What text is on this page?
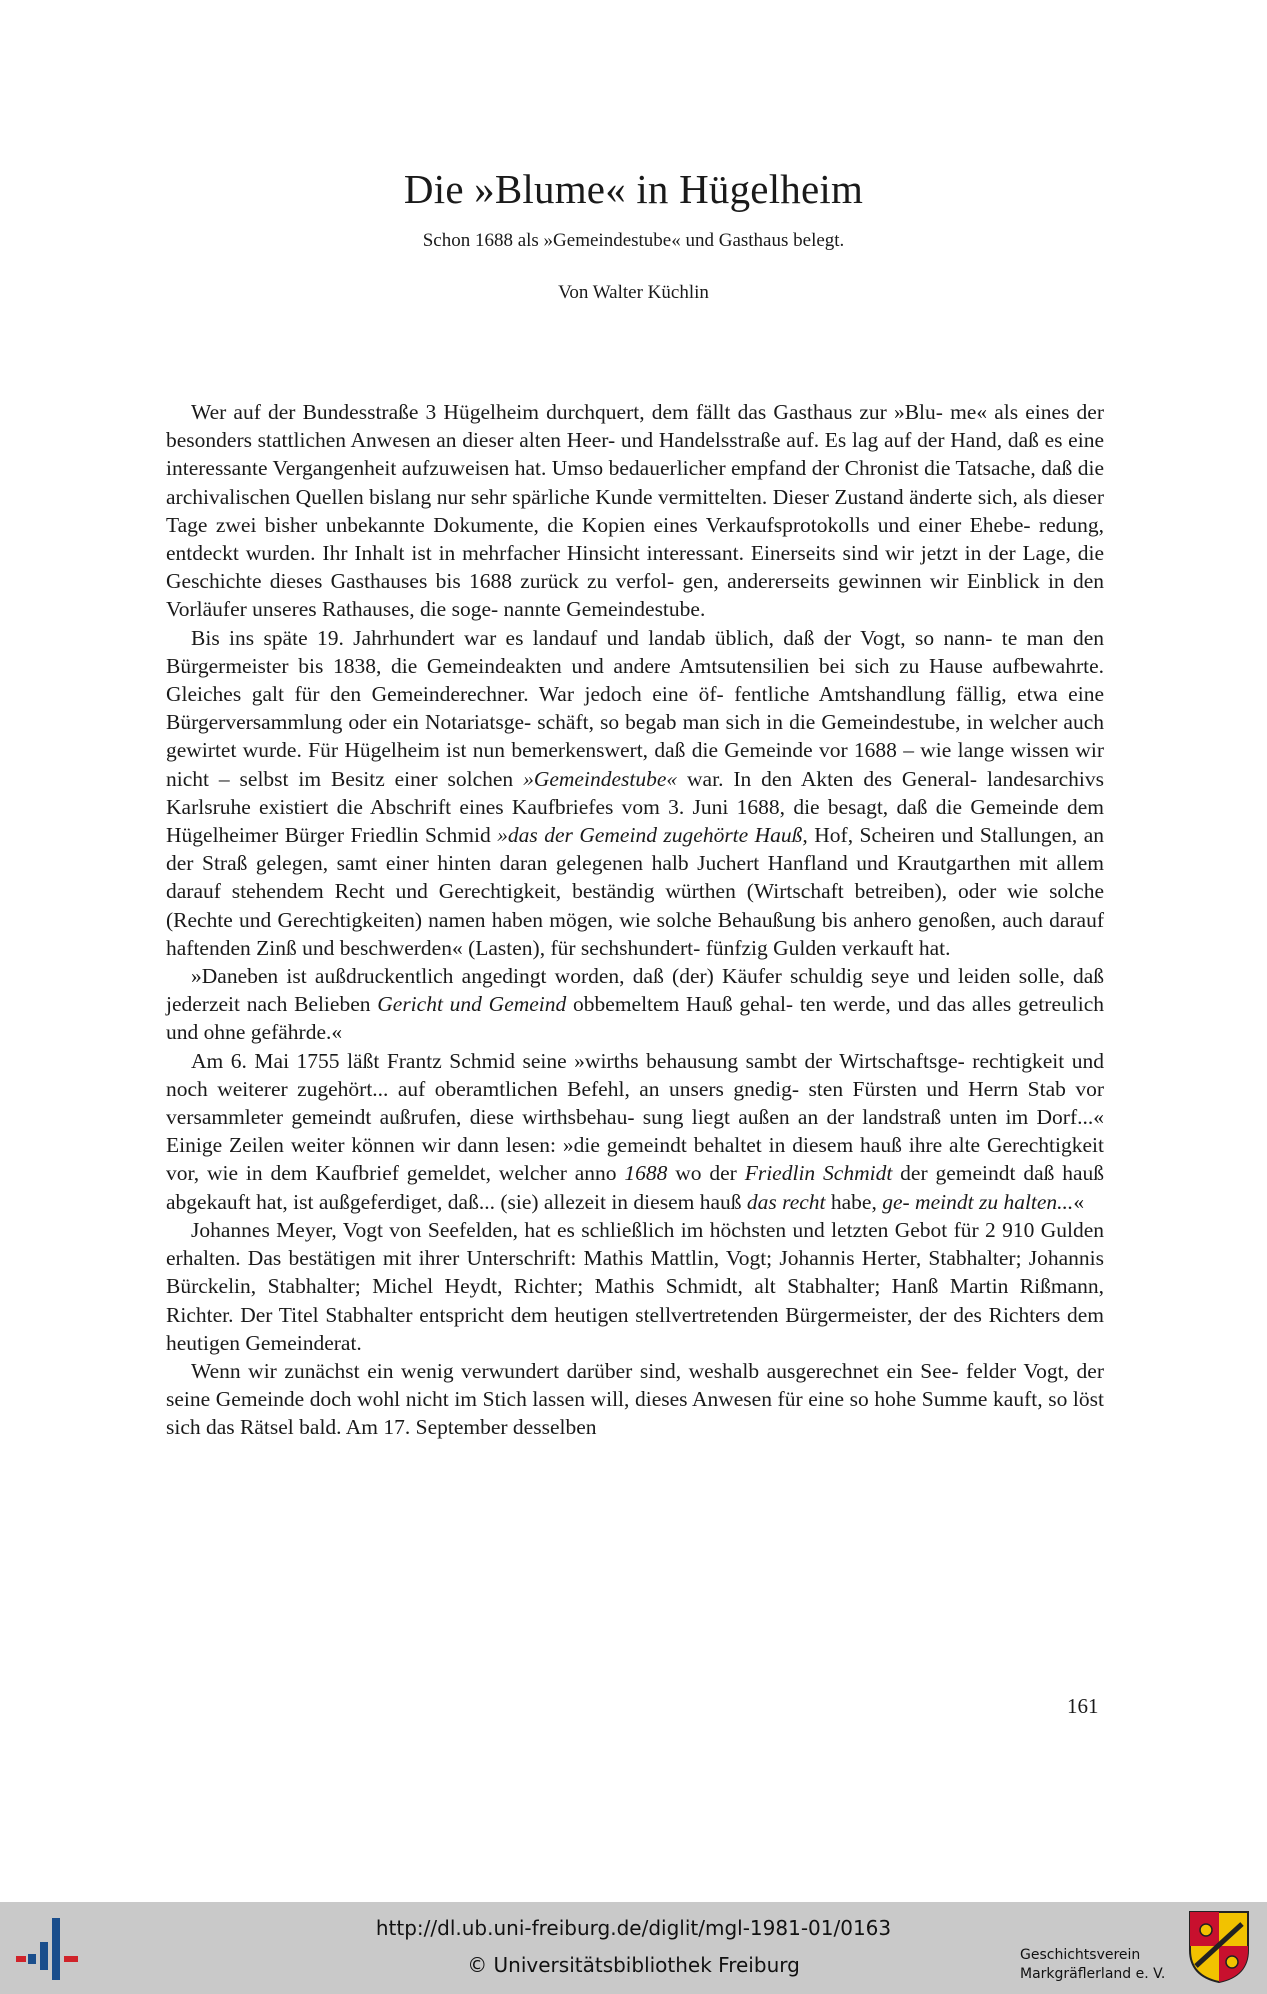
Die »Blume« in Hügelheim
Schon 1688 als »Gemeindestube« und Gasthaus belegt.
Von Walter Küchlin

Wer auf der Bundesstraße 3 Hügelheim durchquert, dem fällt das Gasthaus zur »Blu- me« als eines der besonders stattlichen Anwesen an dieser alten Heer- und Handelsstraße auf. Es lag auf der Hand, daß es eine interessante Vergangenheit aufzuweisen hat. Umso bedauerlicher empfand der Chronist die Tatsache, daß die archivalischen Quellen bislang nur sehr spärliche Kunde vermittelten. Dieser Zustand änderte sich, als dieser Tage zwei bisher unbekannte Dokumente, die Kopien eines Verkaufsprotokolls und einer Ehebe- redung, entdeckt wurden. Ihr Inhalt ist in mehrfacher Hinsicht interessant. Einerseits sind wir jetzt in der Lage, die Geschichte dieses Gasthauses bis 1688 zurück zu verfol- gen, andererseits gewinnen wir Einblick in den Vorläufer unseres Rathauses, die soge- nannte Gemeindestube.

Bis ins späte 19. Jahrhundert war es landauf und landab üblich, daß der Vogt, so nann- te man den Bürgermeister bis 1838, die Gemeindeakten und andere Amtsutensilien bei sich zu Hause aufbewahrte. Gleiches galt für den Gemeinderechner. War jedoch eine öf- fentliche Amtshandlung fällig, etwa eine Bürgerversammlung oder ein Notariatsge- schäft, so begab man sich in die Gemeindestube, in welcher auch gewirtet wurde. Für Hügelheim ist nun bemerkenswert, daß die Gemeinde vor 1688 – wie lange wissen wir nicht – selbst im Besitz einer solchen »Gemeindestube« war. In den Akten des General- landesarchivs Karlsruhe existiert die Abschrift eines Kaufbriefes vom 3. Juni 1688, die besagt, daß die Gemeinde dem Hügelheimer Bürger Friedlin Schmid »das der Gemeind zugehörte Hauß, Hof, Scheiren und Stallungen, an der Straß gelegen, samt einer hinten daran gelegenen halb Juchert Hanfland und Krautgarthen mit allem darauf stehendem Recht und Gerechtigkeit, beständig würthen (Wirtschaft betreiben), oder wie solche (Rechte und Gerechtigkeiten) namen haben mögen, wie solche Behaußung bis anhero genoßen, auch darauf haftenden Zinß und beschwerden« (Lasten), für sechshundert- fünfzig Gulden verkauft hat.

»Daneben ist außdruckentlich angedingt worden, daß (der) Käufer schuldig seye und leiden solle, daß jederzeit nach Belieben Gericht und Gemeind obbemeltem Hauß gehal- ten werde, und das alles getreulich und ohne gefährde.«

Am 6. Mai 1755 läßt Frantz Schmid seine »wirths behausung sambt der Wirtschaftsge- rechtigkeit und noch weiterer zugehört... auf oberamtlichen Befehl, an unsers gnedig- sten Fürsten und Herrn Stab vor versammleter gemeindt außrufen, diese wirthsbehau- sung liegt außen an der landstraß unten im Dorf...« Einige Zeilen weiter können wir dann lesen: »die gemeindt behaltet in diesem hauß ihre alte Gerechtigkeit vor, wie in dem Kaufbrief gemeldet, welcher anno 1688 wo der Friedlin Schmidt der gemeindt daß hauß abgekauft hat, ist außgeferdiget, daß... (sie) allezeit in diesem hauß das recht habe, ge- meindt zu halten...«

Johannes Meyer, Vogt von Seefelden, hat es schließlich im höchsten und letzten Gebot für 2 910 Gulden erhalten. Das bestätigen mit ihrer Unterschrift: Mathis Mattlin, Vogt; Johannis Herter, Stabhalter; Johannis Bürckelin, Stabhalter; Michel Heydt, Richter; Mathis Schmidt, alt Stabhalter; Hanß Martin Rißmann, Richter. Der Titel Stabhalter entspricht dem heutigen stellvertretenden Bürgermeister, der des Richters dem heutigen Gemeinderat.

Wenn wir zunächst ein wenig verwundert darüber sind, weshalb ausgerechnet ein See- felder Vogt, der seine Gemeinde doch wohl nicht im Stich lassen will, dieses Anwesen für eine so hohe Summe kauft, so löst sich das Rätsel bald. Am 17. September desselben

161
http://dl.ub.uni-freiburg.de/diglit/mgl-1981-01/0163
© Universitätsbibliothek Freiburg	Geschichtsverein
Markgräflerland e. V.
